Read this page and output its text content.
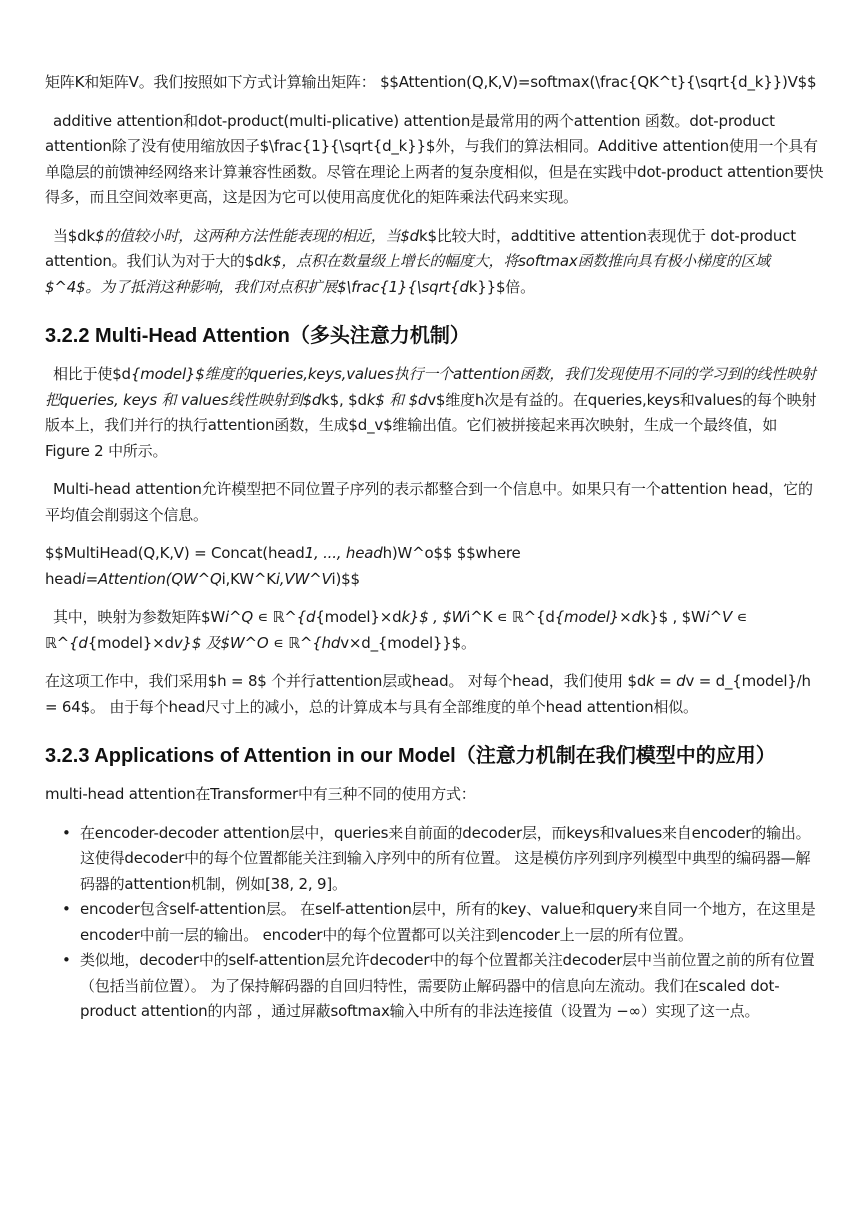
矩阵K和矩阵V。我们按照如下方式计算输出矩阵： $$Attention(Q,K,V)=softmax(\frac{QK^t}{\sqrt{d_k}})V$$

additive attention和dot-product(multi-plicative) attention是最常用的两个attention 函数。dot-product attention除了没有使用缩放因子$\frac{1}{\sqrt{d_k}}$外，与我们的算法相同。Additive attention使用一个具有单隐层的前馈神经网络来计算兼容性函数。尽管在理论上两者的复杂度相似，但是在实践中dot-product attention要快得多，而且空间效率更高，这是因为它可以使用高度优化的矩阵乘法代码来实现。

当$dk$的值较小时，这两种方法性能表现的相近，当$dk$比较大时，addtitive attention表现优于 dot-product attention。我们认为对于大的$dk$，点积在数量级上增长的幅度大，将softmax函数推向具有极小梯度的区域$^4$。为了抵消这种影响，我们对点积扩展$\frac{1}{\sqrt{dk}}$倍。

3.2.2 Multi-Head Attention（多头注意力机制）

相比于使$d{model}$维度的queries,keys,values执行一个attention函数，我们发现使用不同的学习到的线性映射把queries, keys 和 values线性映射到$dk$, $dk$ 和 $dv$维度h次是有益的。在queries,keys和values的每个映射版本上，我们并行的执行attention函数，生成$d_v$维输出值。它们被拼接起来再次映射，生成一个最终值，如 Figure 2 中所示。

Multi-head attention允许模型把不同位置子序列的表示都整合到一个信息中。如果只有一个attention head，它的平均值会削弱这个信息。

$$MultiHead(Q,K,V) = Concat(head1, ..., headh)W^o$$ $$where headi=Attention(QW^Qi,KW^Ki,VW^Vi)$$

其中，映射为参数矩阵$Wi^Q ∊ ℝ^{d{model}×dk}$ , $Wi^K ∊ ℝ^{d{model}×dk}$ , $Wi^V ∊ ℝ^{d{model}×dv}$ 及$W^O ∊ ℝ^{hdv×d_{model}}$。

在这项工作中，我们采用$h = 8$ 个并行attention层或head。 对每个head，我们使用 $dk = dv = d_{model}/h = 64$。 由于每个head尺寸上的减小，总的计算成本与具有全部维度的单个head attention相似。

3.2.3 Applications of Attention in our Model（注意力机制在我们模型中的应用）

multi-head attention在Transformer中有三种不同的使用方式：

• 在encoder-decoder attention层中，queries来自前面的decoder层，而keys和values来自encoder的输出。这使得decoder中的每个位置都能关注到输入序列中的所有位置。 这是模仿序列到序列模型中典型的编码器—解码器的attention机制，例如[38, 2, 9]。
• encoder包含self-attention层。 在self-attention层中，所有的key、value和query来自同一个地方，在这里是encoder中前一层的输出。 encoder中的每个位置都可以关注到encoder上一层的所有位置。
• 类似地，decoder中的self-attention层允许decoder中的每个位置都关注decoder层中当前位置之前的所有位置（包括当前位置）。 为了保持解码器的自回归特性，需要防止解码器中的信息向左流动。我们在scaled dot-product attention的内部 ，通过屏蔽softmax输入中所有的非法连接值（设置为 −∞）实现了这一点。
